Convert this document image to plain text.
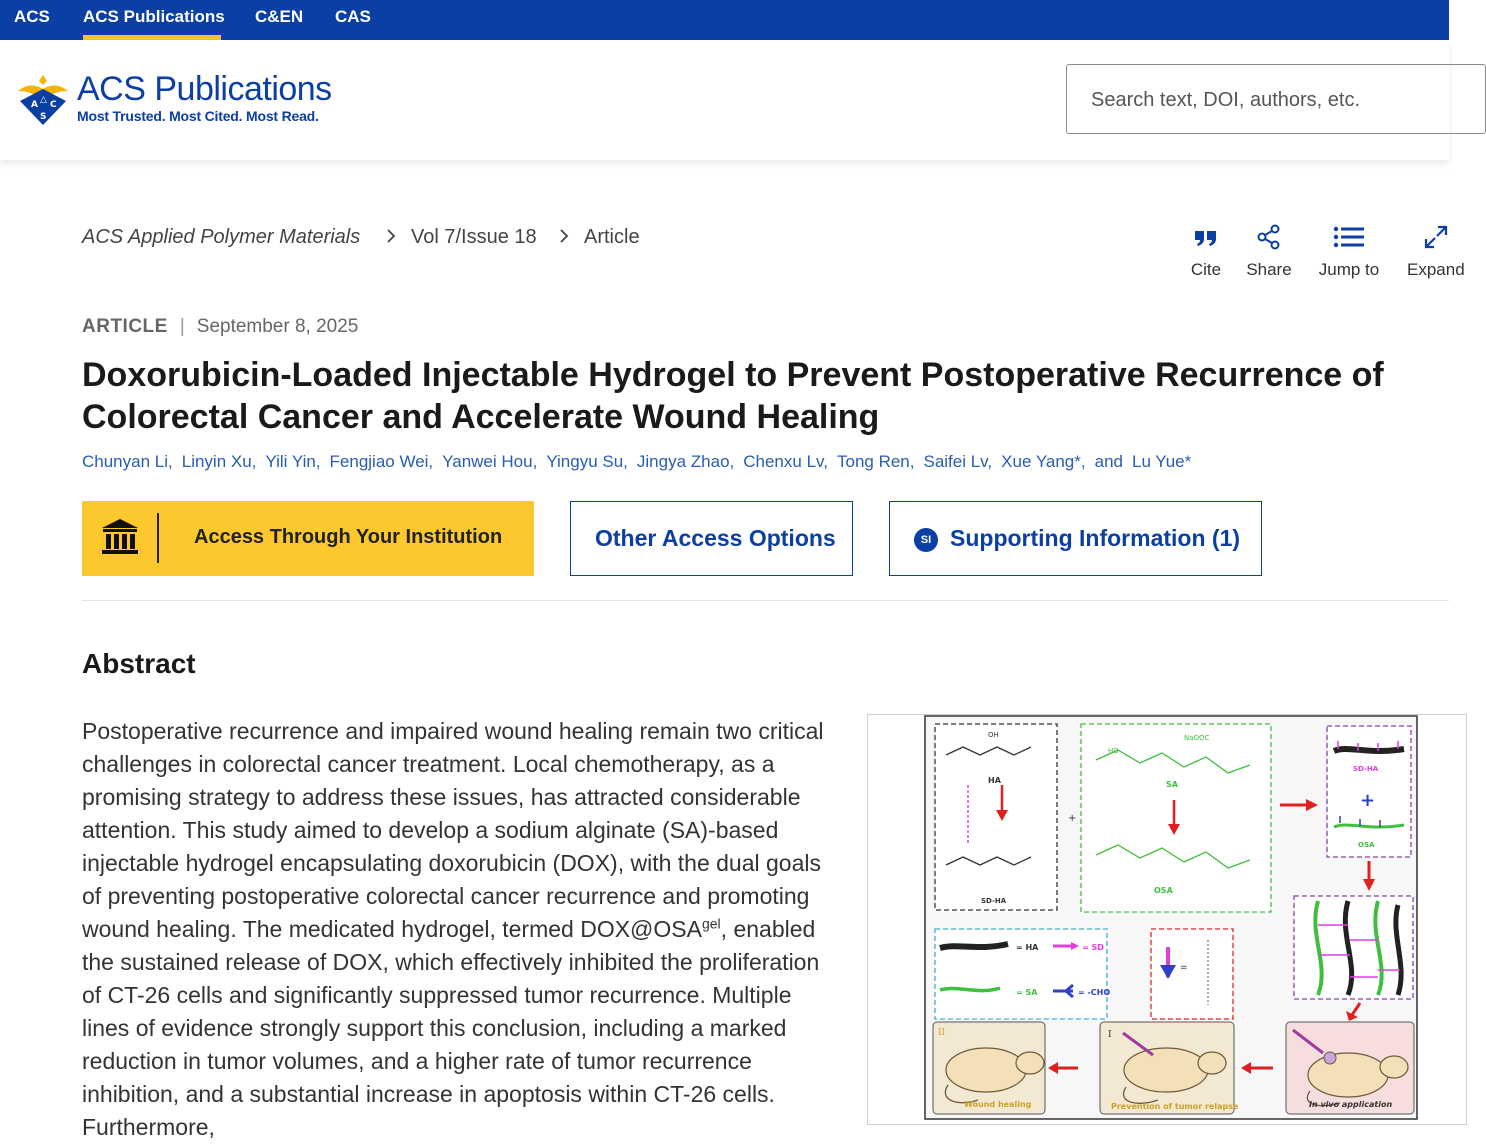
ACS ACS Publications C&EN CAS
A △ C
S
ACS Publications
Most Trusted. Most Cited. Most Read.
Search text, DOI, authors, etc.
ACS Applied Polymer Materials	Vol 7/Issue 18 Article
Cite	Share	Jump to	Expand
ARTICLE | September 8, 2025
Doxorubicin-Loaded Injectable Hydrogel to Prevent Postoperative Recurrence of Colorectal Cancer and Accelerate Wound Healing
Chunyan Li, Linyin Xu, Yili Yin, Fengjiao Wei, Yanwei Hou, Yingyu Su, Jingya Zhao, Chenxu Lv, Tong Ren, Saifei Lv, Xue Yang*, and Lu Yue*
Access Through Your Institution	Other Access Options	SI Supporting Information (1)
Abstract

Postoperative recurrence and impaired wound healing remain two critical challenges in colorectal cancer treatment. Local chemotherapy, as a promising strategy to address these issues, has attracted considerable attention. This study aimed to develop a sodium alginate (SA)-based injectable hydrogel encapsulating doxorubicin (DOX), with the dual goals of preventing postoperative colorectal cancer recurrence and promoting wound healing. The medicated hydrogel, termed $DOX@OSA^{gel}$, enabled the sustained release of DOX, which effectively inhibited the proliferation of CT-26 cells and significantly suppressed tumor recurrence. Multiple lines of evidence strongly support this conclusion, including a marked reduction in tumor volumes, and a higher rate of tumor recurrence inhibition, and a substantial increase in apoptosis within CT-26 cells. Furthermore,

HA
SD-HA
OH
+
SA
OSA
NaOOC
HO
SD-HA
+
OSA
= HA	= SD
= SA	= -CHO
=
II	I
Wound healing	Prevention of tumor relapse	In vivo application
